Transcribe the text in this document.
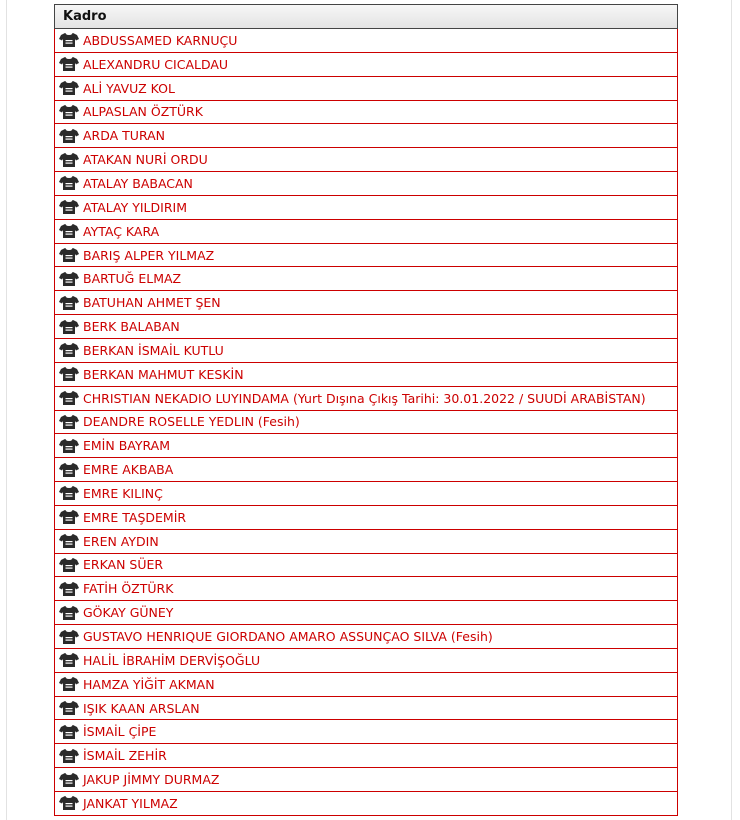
Kadro
ABDUSSAMED KARNUÇU
ALEXANDRU CICALDAU
ALİ YAVUZ KOL
ALPASLAN ÖZTÜRK
ARDA TURAN
ATAKAN NURİ ORDU
ATALAY BABACAN
ATALAY YILDIRIM
AYTAÇ KARA
BARIŞ ALPER YILMAZ
BARTUĞ ELMAZ
BATUHAN AHMET ŞEN
BERK BALABAN
BERKAN İSMAİL KUTLU
BERKAN MAHMUT KESKİN
CHRISTIAN NEKADIO LUYINDAMA (Yurt Dışına Çıkış Tarihi: 30.01.2022 / SUUDİ ARABİSTAN)
DEANDRE ROSELLE YEDLIN (Fesih)
EMİN BAYRAM
EMRE AKBABA
EMRE KILINÇ
EMRE TAŞDEMİR
EREN AYDIN
ERKAN SÜER
FATİH ÖZTÜRK
GÖKAY GÜNEY
GUSTAVO HENRIQUE GIORDANO AMARO ASSUNÇAO SILVA (Fesih)
HALİL İBRAHİM DERVİŞOĞLU
HAMZA YİĞİT AKMAN
IŞIK KAAN ARSLAN
İSMAİL ÇİPE
İSMAİL ZEHİR
JAKUP JİMMY DURMAZ
JANKAT YILMAZ
